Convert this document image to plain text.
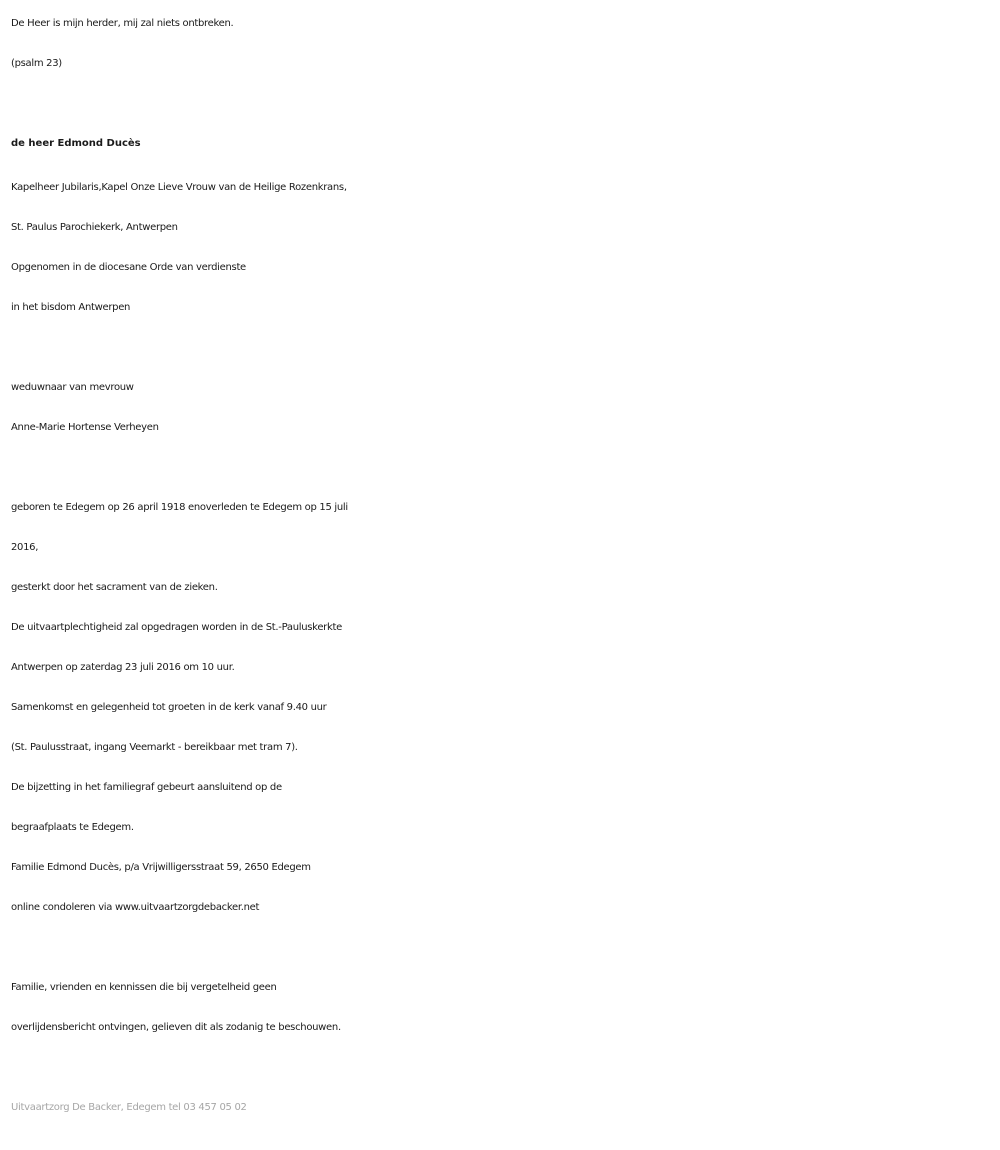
De Heer is mijn herder, mij zal niets ontbreken.
(psalm 23)
de heer Edmond Ducès
Kapelheer Jubilaris,Kapel Onze Lieve Vrouw van de Heilige Rozenkrans,
St. Paulus Parochiekerk, Antwerpen
Opgenomen in de diocesane Orde van verdienste
in het bisdom Antwerpen
weduwnaar van mevrouw
Anne-Marie Hortense Verheyen
geboren te Edegem op 26 april 1918 enoverleden te Edegem op 15 juli
2016,
gesterkt door het sacrament van de zieken.
De uitvaartplechtigheid zal opgedragen worden in de St.-Pauluskerkte
Antwerpen op zaterdag 23 juli 2016 om 10 uur.
Samenkomst en gelegenheid tot groeten in de kerk vanaf 9.40 uur
(St. Paulusstraat, ingang Veemarkt - bereikbaar met tram 7).
De bijzetting in het familiegraf gebeurt aansluitend op de
begraafplaats te Edegem.
Familie Edmond Ducès, p/a Vrijwilligersstraat 59, 2650 Edegem
online condoleren via www.uitvaartzorgdebacker.net
Familie, vrienden en kennissen die bij vergetelheid geen
overlijdensbericht ontvingen, gelieven dit als zodanig te beschouwen.
Uitvaartzorg De Backer, Edegem tel 03 457 05 02
